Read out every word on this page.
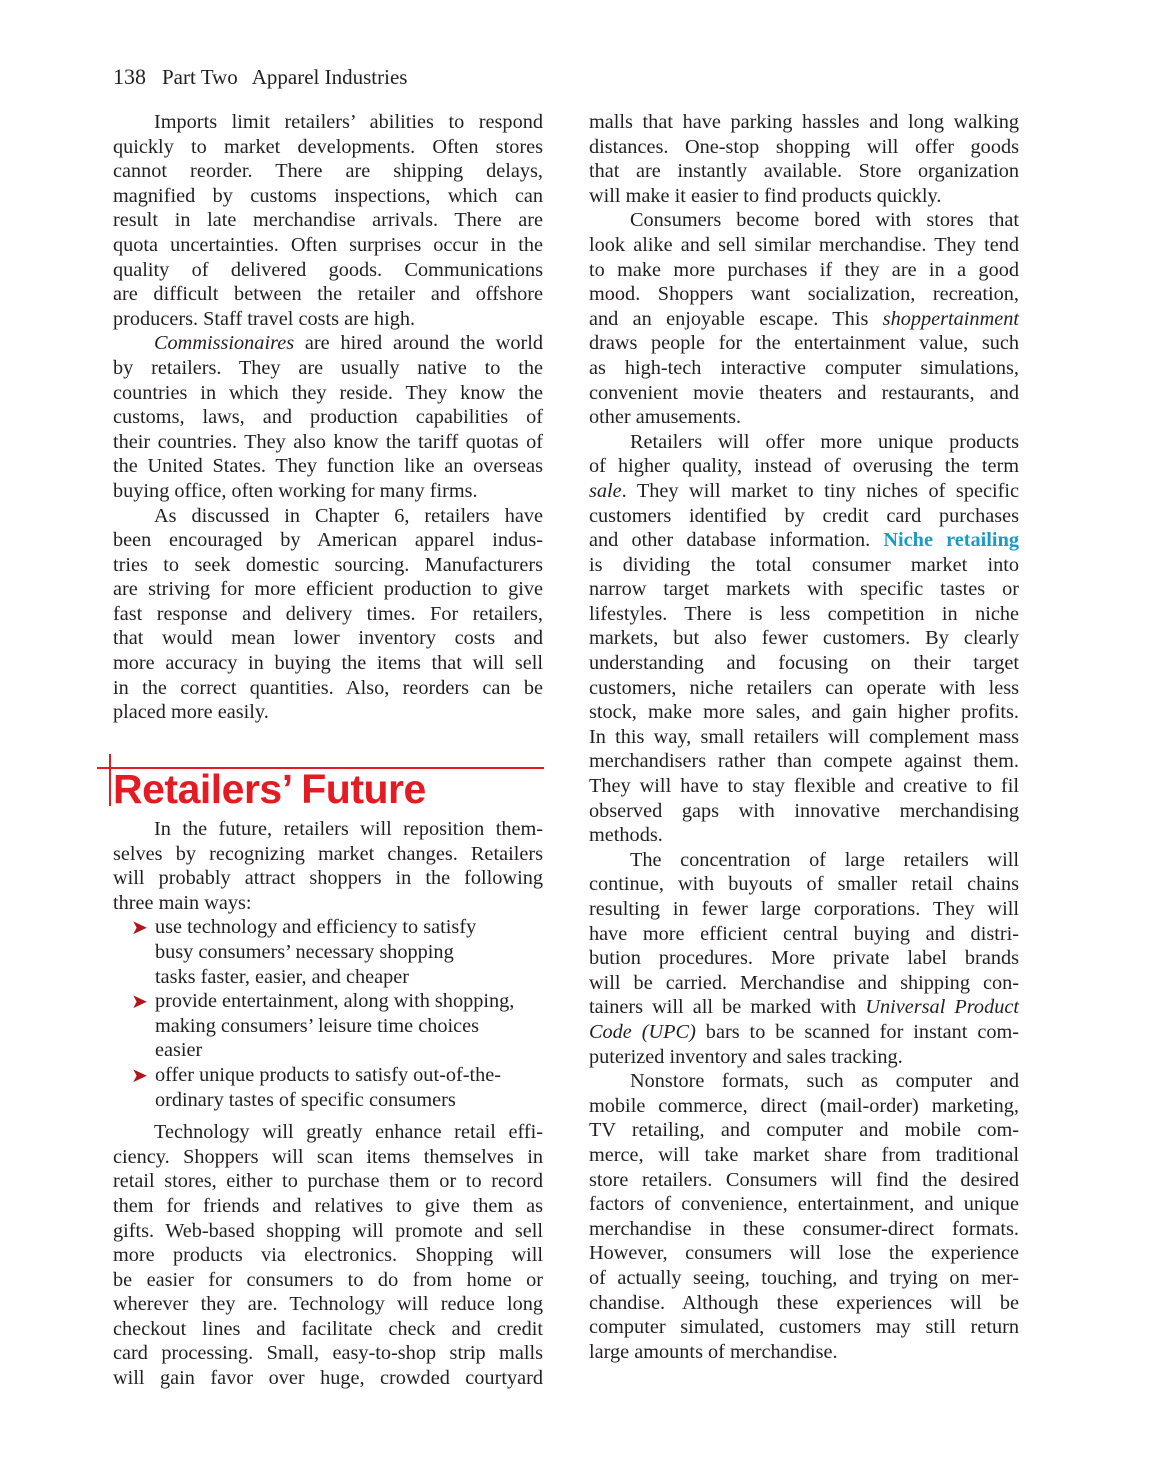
138 Part Two Apparel Industries
Imports limit retailers’ abilities to respond
quickly to market developments. Often stores
cannot reorder. There are shipping delays,
magnified by customs inspections, which can
result in late merchandise arrivals. There are
quota uncertainties. Often surprises occur in the
quality of delivered goods. Communications
are difficult between the retailer and offshore
producers. Staff travel costs are high.
Commissionaires are hired around the world
by retailers. They are usually native to the
countries in which they reside. They know the
customs, laws, and production capabilities of
their countries. They also know the tariff quotas of
the United States. They function like an overseas
buying office, often working for many firms.
As discussed in Chapter 6, retailers have
been encouraged by American apparel indus-
tries to seek domestic sourcing. Manufacturers
are striving for more efficient production to give
fast response and delivery times. For retailers,
that would mean lower inventory costs and
more accuracy in buying the items that will sell
in the correct quantities. Also, reorders can be
placed more easily.
Retailers’ Future
In the future, retailers will reposition them-
selves by recognizing market changes. Retailers
will probably attract shoppers in the following
three main ways:
➤ use technology and efficiency to satisfy
busy consumers’ necessary shopping
tasks faster, easier, and cheaper
➤ provide entertainment, along with shopping,
making consumers’ leisure time choices
easier
➤ offer unique products to satisfy out-of-the-
ordinary tastes of specific consumers
Technology will greatly enhance retail effi-
ciency. Shoppers will scan items themselves in
retail stores, either to purchase them or to record
them for friends and relatives to give them as
gifts. Web-based shopping will promote and sell
more products via electronics. Shopping will
be easier for consumers to do from home or
wherever they are. Technology will reduce long
checkout lines and facilitate check and credit
card processing. Small, easy-to-shop strip malls
will gain favor over huge, crowded courtyard
malls that have parking hassles and long walking
distances. One-stop shopping will offer goods
that are instantly available. Store organization
will make it easier to find products quickly.
Consumers become bored with stores that
look alike and sell similar merchandise. They tend
to make more purchases if they are in a good
mood. Shoppers want socialization, recreation,
and an enjoyable escape. This shoppertainment
draws people for the entertainment value, such
as high-tech interactive computer simulations,
convenient movie theaters and restaurants, and
other amusements.
Retailers will offer more unique products
of higher quality, instead of overusing the term
sale. They will market to tiny niches of specific
customers identified by credit card purchases
and other database information. Niche retailing
is dividing the total consumer market into
narrow target markets with specific tastes or
lifestyles. There is less competition in niche
markets, but also fewer customers. By clearly
understanding and focusing on their target
customers, niche retailers can operate with less
stock, make more sales, and gain higher profits.
In this way, small retailers will complement mass
merchandisers rather than compete against them.
They will have to stay flexible and creative to fil
observed gaps with innovative merchandising
methods.
The concentration of large retailers will
continue, with buyouts of smaller retail chains
resulting in fewer large corporations. They will
have more efficient central buying and distri-
bution procedures. More private label brands
will be carried. Merchandise and shipping con-
tainers will all be marked with Universal Product
Code (UPC) bars to be scanned for instant com-
puterized inventory and sales tracking.
Nonstore formats, such as computer and
mobile commerce, direct (mail-order) marketing,
TV retailing, and computer and mobile com-
merce, will take market share from traditional
store retailers. Consumers will find the desired
factors of convenience, entertainment, and unique
merchandise in these consumer-direct formats.
However, consumers will lose the experience
of actually seeing, touching, and trying on mer-
chandise. Although these experiences will be
computer simulated, customers may still return
large amounts of merchandise.
